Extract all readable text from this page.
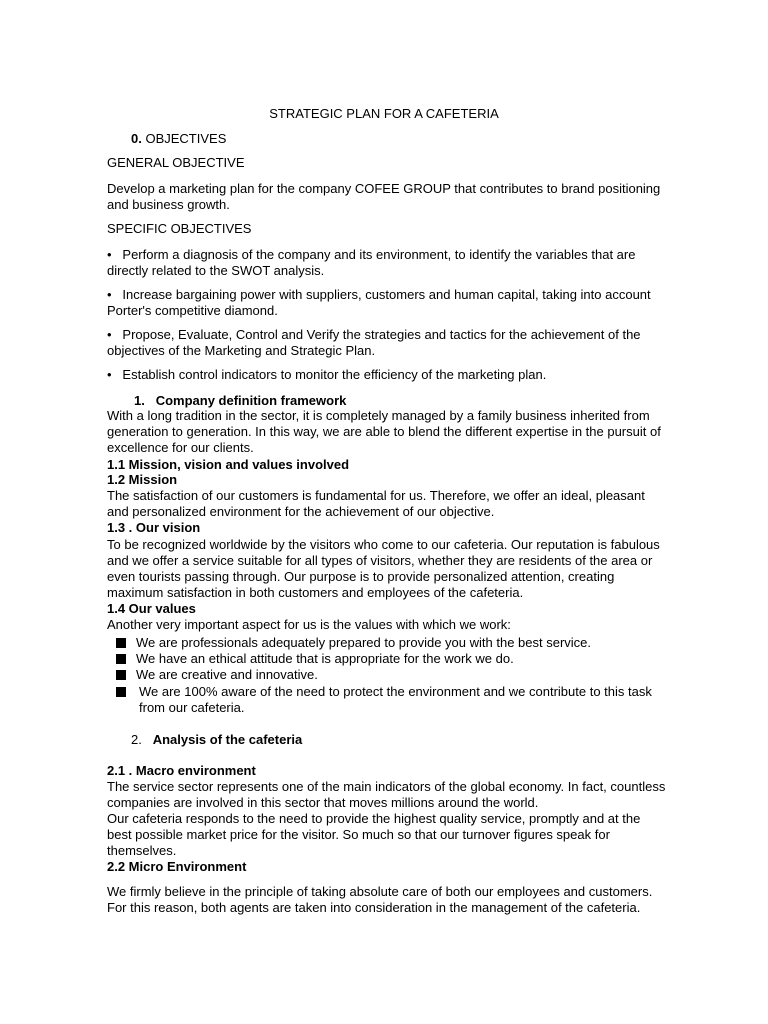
STRATEGIC PLAN FOR A CAFETERIA
0. OBJECTIVES
GENERAL OBJECTIVE
Develop a marketing plan for the company COFEE GROUP that contributes to brand positioning and business growth.
SPECIFIC OBJECTIVES
• Perform a diagnosis of the company and its environment, to identify the variables that are directly related to the SWOT analysis.
• Increase bargaining power with suppliers, customers and human capital, taking into account Porter's competitive diamond.
• Propose, Evaluate, Control and Verify the strategies and tactics for the achievement of the objectives of the Marketing and Strategic Plan.
• Establish control indicators to monitor the efficiency of the marketing plan.
1. Company definition framework
With a long tradition in the sector, it is completely managed by a family business inherited from generation to generation. In this way, we are able to blend the different expertise in the pursuit of excellence for our clients.
1.1 Mission, vision and values involved
1.2 Mission
The satisfaction of our customers is fundamental for us. Therefore, we offer an ideal, pleasant and personalized environment for the achievement of our objective.
1.3 . Our vision
To be recognized worldwide by the visitors who come to our cafeteria. Our reputation is fabulous and we offer a service suitable for all types of visitors, whether they are residents of the area or even tourists passing through. Our purpose is to provide personalized attention, creating maximum satisfaction in both customers and employees of the cafeteria.
1.4 Our values
Another very important aspect for us is the values with which we work:
We are professionals adequately prepared to provide you with the best service.
We have an ethical attitude that is appropriate for the work we do.
We are creative and innovative.
We are 100% aware of the need to protect the environment and we contribute to this task from our cafeteria.
2. Analysis of the cafeteria
2.1 . Macro environment
The service sector represents one of the main indicators of the global economy. In fact, countless companies are involved in this sector that moves millions around the world.
Our cafeteria responds to the need to provide the highest quality service, promptly and at the best possible market price for the visitor. So much so that our turnover figures speak for themselves.
2.2 Micro Environment
We firmly believe in the principle of taking absolute care of both our employees and customers. For this reason, both agents are taken into consideration in the management of the cafeteria.
